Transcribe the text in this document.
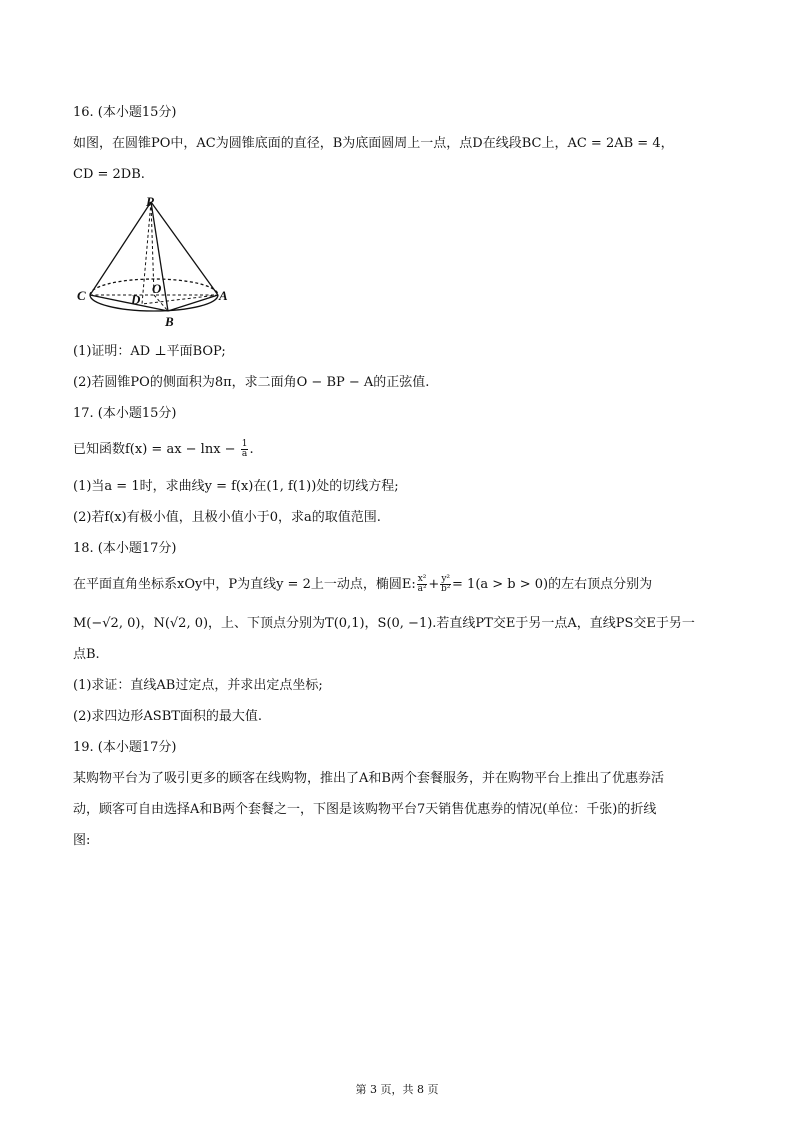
16. (本小题15分)
如图，在圆锥PO中，AC为圆锥底面的直径，B为底面圆周上一点，点D在线段BC上，AC = 2AB = 4，
CD = 2DB.
P
O
C	A
D
B
(1)证明：AD ⊥平面BOP;
(2)若圆锥PO的侧面积为8π，求二面角O − BP − A的正弦值.
17. (本小题15分)
已知函数f(x) = ax − $\ln x - \frac{1}{a}$ .
(1)当a = 1时，求曲线y = f(x)在(1, f(1))处的切线方程;
(2)若f(x)有极小值，且极小值小于0，求a的取值范围.
18. (本小题17分)
在平面直角坐标系xOy中，P为直线y = 2上一动点，椭圆E: $\frac{\text{x²}}{\text{a²}} + \frac{\text{y²}}{\text{b²}} = 1(a > b > 0)$的左右顶点分别为
M(−√2, 0)，N(√2, 0)，上、下顶点分别为T(0,1)，S(0, −1).若直线PT交E于另一点A，直线PS交E于另一
点B.
(1)求证：直线AB过定点，并求出定点坐标;
(2)求四边形ASBT面积的最大值.
19. (本小题17分)
某购物平台为了吸引更多的顾客在线购物，推出了A和B两个套餐服务，并在购物平台上推出了优惠券活
动，顾客可自由选择A和B两个套餐之一，下图是该购物平台7天销售优惠券的情况(单位：千张)的折线
图:
第 3 页，共 8 页
